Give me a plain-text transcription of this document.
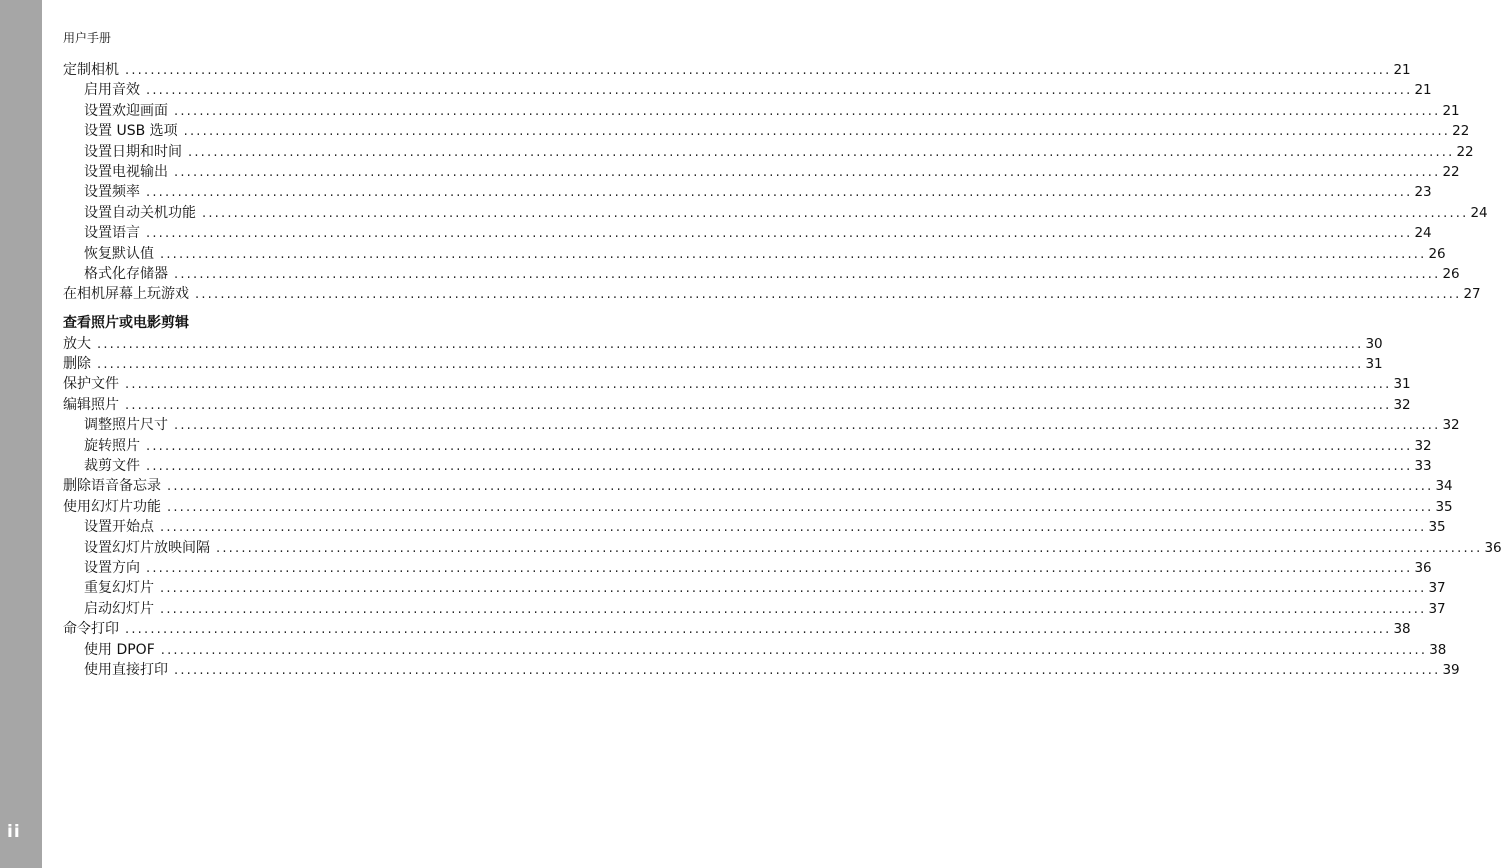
ii
用户手册
定制相机 ........................................................................................................................................................................................................ 21
启用音效 ........................................................................................................................................................................................................ 21
设置欢迎画面 ........................................................................................................................................................................................................ 21
设置 USB 选项 ........................................................................................................................................................................................................ 22
设置日期和时间 ........................................................................................................................................................................................................ 22
设置电视输出 ........................................................................................................................................................................................................ 22
设置频率 ........................................................................................................................................................................................................ 23
设置自动关机功能 ........................................................................................................................................................................................................ 24
设置语言 ........................................................................................................................................................................................................ 24
恢复默认值 ........................................................................................................................................................................................................ 26
格式化存储器 ........................................................................................................................................................................................................ 26
在相机屏幕上玩游戏 ........................................................................................................................................................................................................ 27
查看照片或电影剪辑
放大 ........................................................................................................................................................................................................ 30
删除 ........................................................................................................................................................................................................ 31
保护文件 ........................................................................................................................................................................................................ 31
编辑照片 ........................................................................................................................................................................................................ 32
调整照片尺寸 ........................................................................................................................................................................................................ 32
旋转照片 ........................................................................................................................................................................................................ 32
裁剪文件 ........................................................................................................................................................................................................ 33
删除语音备忘录 ........................................................................................................................................................................................................ 34
使用幻灯片功能 ........................................................................................................................................................................................................ 35
设置开始点 ........................................................................................................................................................................................................ 35
设置幻灯片放映间隔 ........................................................................................................................................................................................................ 36
设置方向 ........................................................................................................................................................................................................ 36
重复幻灯片 ........................................................................................................................................................................................................ 37
启动幻灯片 ........................................................................................................................................................................................................ 37
命令打印 ........................................................................................................................................................................................................ 38
使用 DPOF ........................................................................................................................................................................................................ 38
使用直接打印 ........................................................................................................................................................................................................ 39
